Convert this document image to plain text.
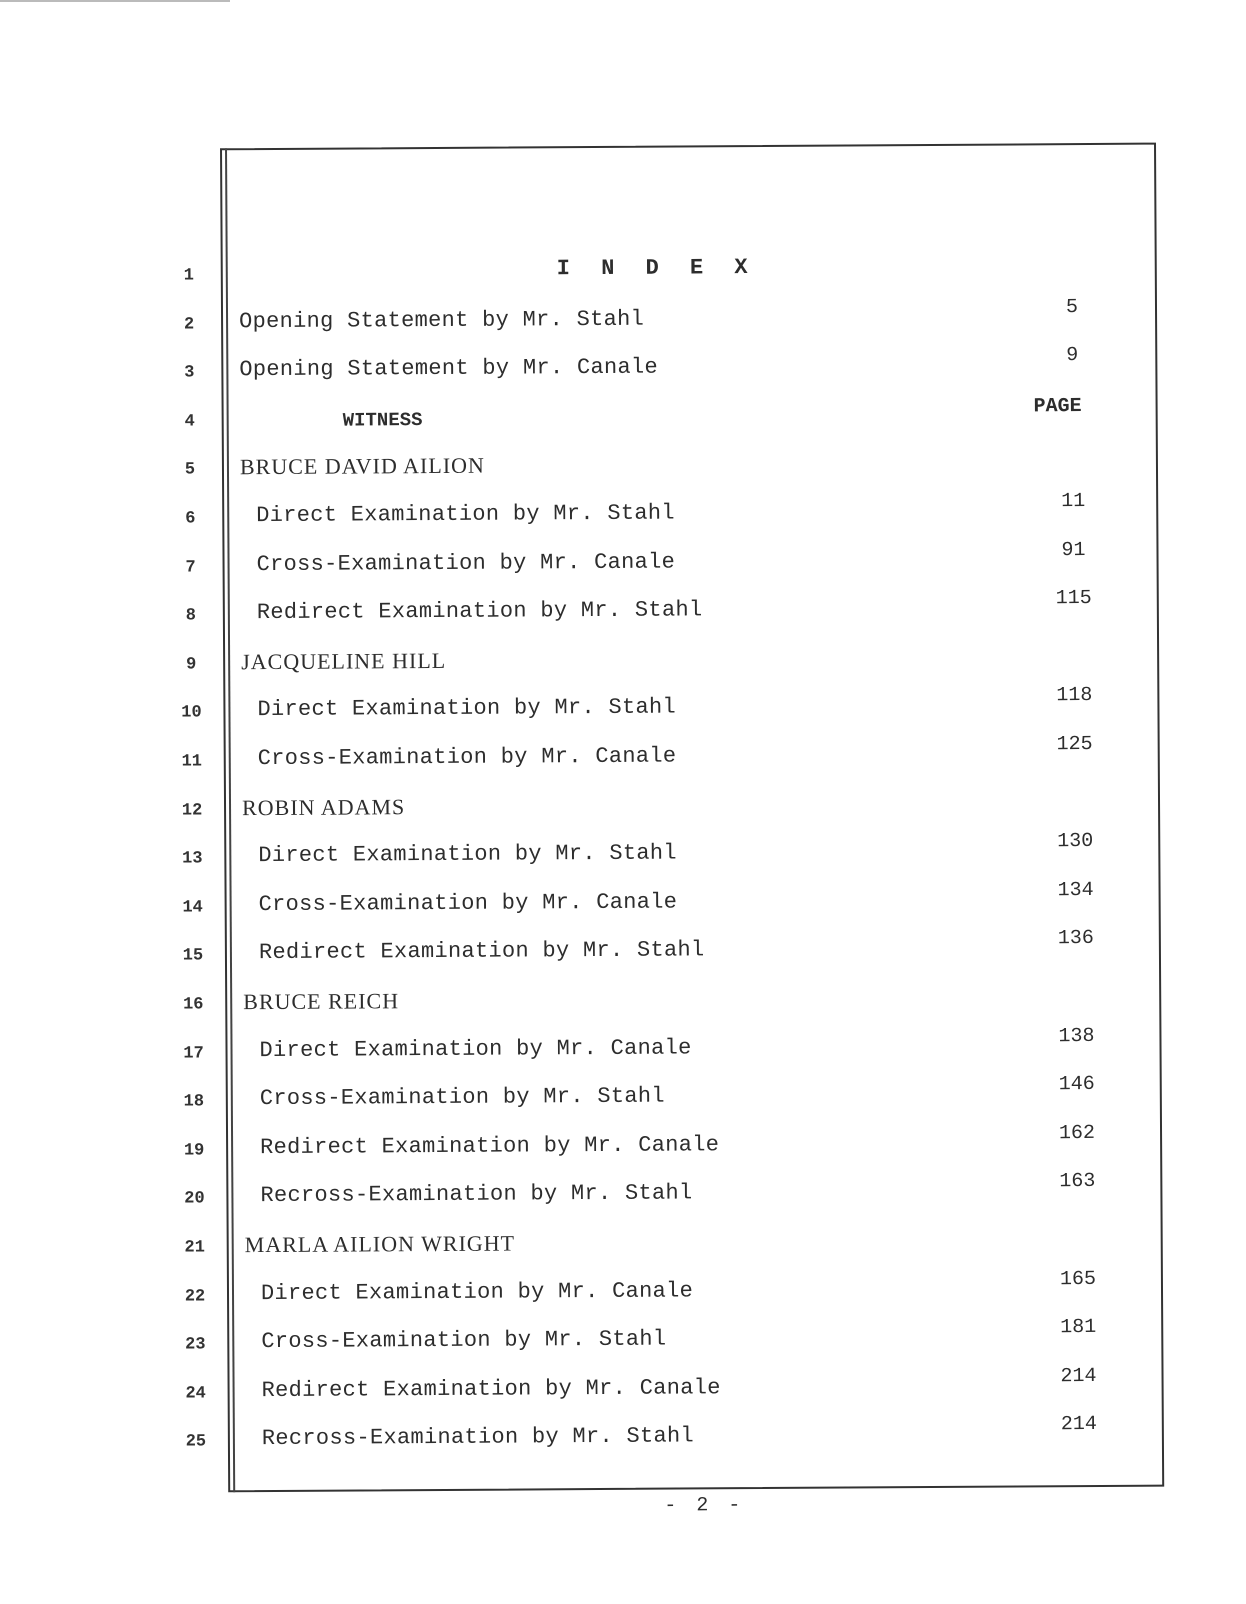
I N D E X
WITNESS
PAGE
1
2
3
4
5
6
7
8
9
10
11
12
13
14
15
16
17
18
19
20
21
22
23
24
25
Opening Statement by Mr. Stahl	5
Opening Statement by Mr. Canale	9
BRUCE DAVID AILION
Direct Examination by Mr. Stahl	11
Cross-Examination by Mr. Canale	91
Redirect Examination by Mr. Stahl	115
JACQUELINE HILL
Direct Examination by Mr. Stahl	118
Cross-Examination by Mr. Canale	125
ROBIN ADAMS
Direct Examination by Mr. Stahl	130
Cross-Examination by Mr. Canale	134
Redirect Examination by Mr. Stahl	136
BRUCE REICH
Direct Examination by Mr. Canale	138
Cross-Examination by Mr. Stahl	146
Redirect Examination by Mr. Canale	162
Recross-Examination by Mr. Stahl	163
MARLA AILION WRIGHT
Direct Examination by Mr. Canale	165
Cross-Examination by Mr. Stahl	181
Redirect Examination by Mr. Canale	214
Recross-Examination by Mr. Stahl	214
- 2 -
